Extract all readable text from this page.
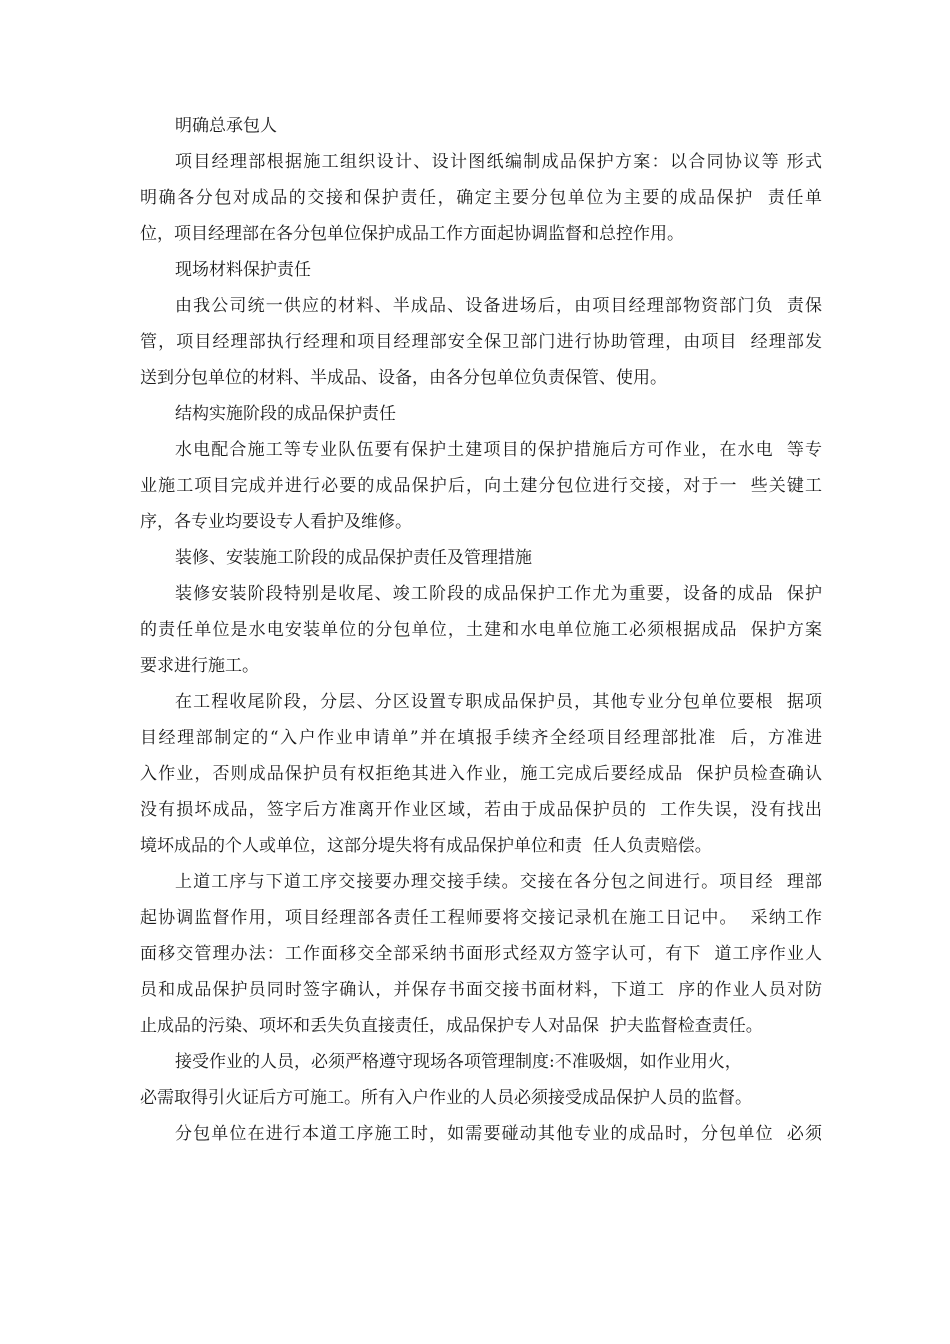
明确总承包人

项目经理部根据施工组织设计、设计图纸编制成品保护方案：以合同协议等 形式
明确各分包对成品的交接和保护责任，确定主要分包单位为主要的成品保护  责任单
位，项目经理部在各分包单位保护成品工作方面起协调监督和总控作用。

现场材料保护责任

由我公司统一供应的材料、半成品、设备进场后，由项目经理部物资部门负  责保
管，项目经理部执行经理和项目经理部安全保卫部门进行协助管理，由项目  经理部发
送到分包单位的材料、半成品、设备，由各分包单位负责保管、使用。

结构实施阶段的成品保护责任

水电配合施工等专业队伍要有保护土建项目的保护措施后方可作业，在水电  等专
业施工项目完成并进行必要的成品保护后，向土建分包位进行交接，对于一  些关键工
序，各专业均要设专人看护及维修。

装修、安装施工阶段的成品保护责任及管理措施

装修安装阶段特别是收尾、竣工阶段的成品保护工作尤为重要，设备的成品  保护
的责任单位是水电安装单位的分包单位，土建和水电单位施工必须根据成品  保护方案
要求进行施工。

在工程收尾阶段，分层、分区设置专职成品保护员，其他专业分包单位要根  据项
目经理部制定的“入户作业申请单”并在填报手续齐全经项目经理部批准  后，方准进
入作业，否则成品保护员有权拒绝其进入作业，施工完成后要经成品  保护员检查确认
没有损坏成品，签字后方准离开作业区域，若由于成品保护员的  工作失误，没有找出
境坏成品的个人或单位，这部分堤失将有成品保护单位和责  任人负责赔偿。

上道工序与下道工序交接要办理交接手续。交接在各分包之间进行。项目经  理部
起协调监督作用，项目经理部各责任工程师要将交接记录机在施工日记中。  采纳工作
面移交管理办法：工作面移交全部采纳书面形式经双方签字认可，有下  道工序作业人
员和成品保护员同时签字确认，并保存书面交接书面材料，下道工  序的作业人员对防
止成品的污染、项坏和丢失负直接责任，成品保护专人对品保  护夫监督检查责任。

接受作业的人员，必须严格遵守现场各项管理制度:不准吸烟，如作业用火，
必需取得引火证后方可施工。所有入户作业的人员必须接受成品保护人员的监督。

分包单位在进行本道工序施工时，如需要碰动其他专业的成品时，分包单位  必须
